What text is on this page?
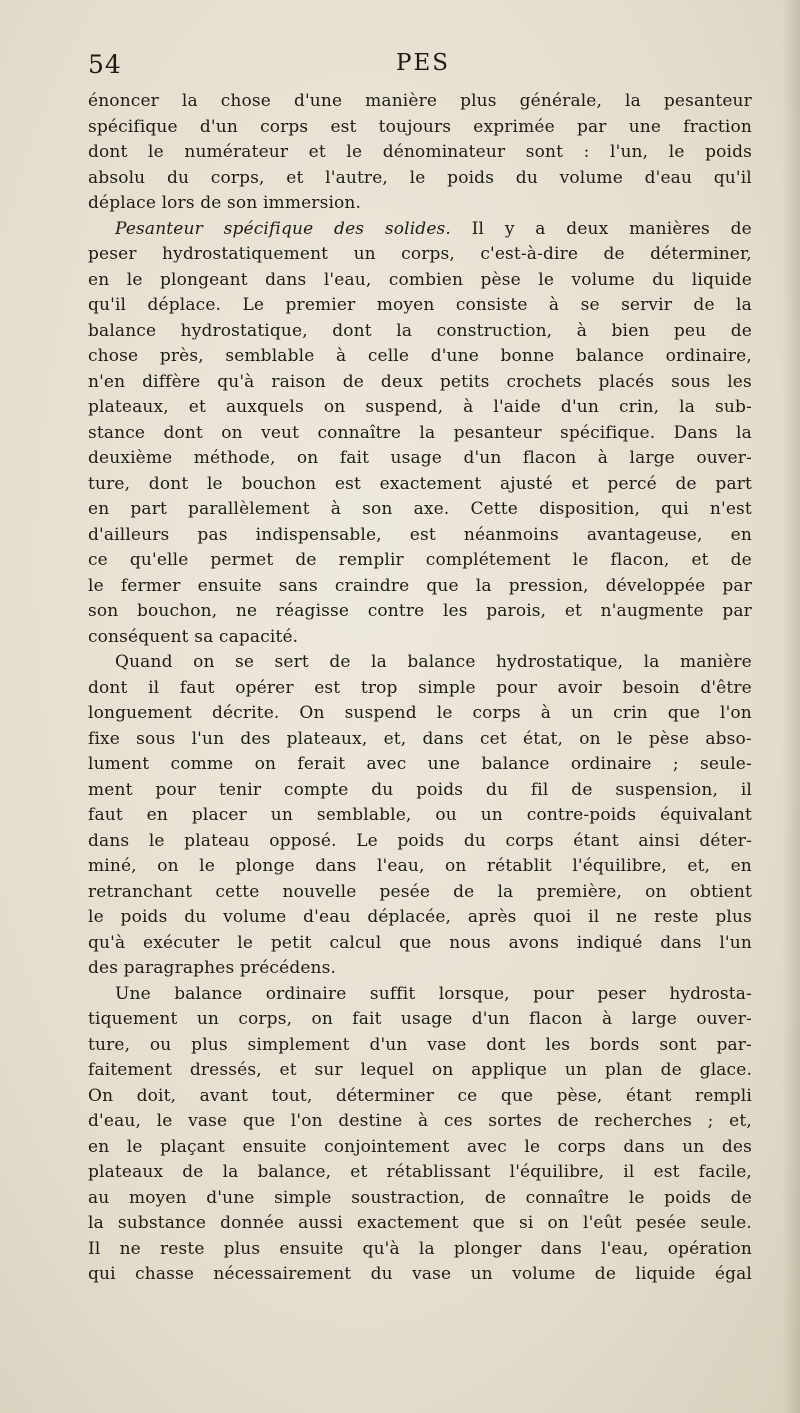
54	PES
énoncer la chose d'une manière plus générale, la pesanteur
spécifique d'un corps est toujours exprimée par une fraction
dont le numérateur et le dénominateur sont : l'un, le poids
absolu du corps, et l'autre, le poids du volume d'eau qu'il
déplace lors de son immersion.
Pesanteur spécifique des solides. Il y a deux manières de
peser hydrostatiquement un corps, c'est-à-dire de déterminer,
en le plongeant dans l'eau, combien pèse le volume du liquide
qu'il déplace. Le premier moyen consiste à se servir de la
balance hydrostatique, dont la construction, à bien peu de
chose près, semblable à celle d'une bonne balance ordinaire,
n'en diffère qu'à raison de deux petits crochets placés sous les
plateaux, et auxquels on suspend, à l'aide d'un crin, la sub-
stance dont on veut connaître la pesanteur spécifique. Dans la
deuxième méthode, on fait usage d'un flacon à large ouver-
ture, dont le bouchon est exactement ajusté et percé de part
en part parallèlement à son axe. Cette disposition, qui n'est
d'ailleurs pas indispensable, est néanmoins avantageuse, en
ce qu'elle permet de remplir complétement le flacon, et de
le fermer ensuite sans craindre que la pression, développée par
son bouchon, ne réagisse contre les parois, et n'augmente par
conséquent sa capacité.
Quand on se sert de la balance hydrostatique, la manière
dont il faut opérer est trop simple pour avoir besoin d'être
longuement décrite. On suspend le corps à un crin que l'on
fixe sous l'un des plateaux, et, dans cet état, on le pèse abso-
lument comme on ferait avec une balance ordinaire ; seule-
ment pour tenir compte du poids du fil de suspension, il
faut en placer un semblable, ou un contre-poids équivalant
dans le plateau opposé. Le poids du corps étant ainsi déter-
miné, on le plonge dans l'eau, on rétablit l'équilibre, et, en
retranchant cette nouvelle pesée de la première, on obtient
le poids du volume d'eau déplacée, après quoi il ne reste plus
qu'à exécuter le petit calcul que nous avons indiqué dans l'un
des paragraphes précédens.
Une balance ordinaire suffit lorsque, pour peser hydrosta-
tiquement un corps, on fait usage d'un flacon à large ouver-
ture, ou plus simplement d'un vase dont les bords sont par-
faitement dressés, et sur lequel on applique un plan de glace.
On doit, avant tout, déterminer ce que pèse, étant rempli
d'eau, le vase que l'on destine à ces sortes de recherches ; et,
en le plaçant ensuite conjointement avec le corps dans un des
plateaux de la balance, et rétablissant l'équilibre, il est facile,
au moyen d'une simple soustraction, de connaître le poids de
la substance donnée aussi exactement que si on l'eût pesée seule.
Il ne reste plus ensuite qu'à la plonger dans l'eau, opération
qui chasse nécessairement du vase un volume de liquide égal
